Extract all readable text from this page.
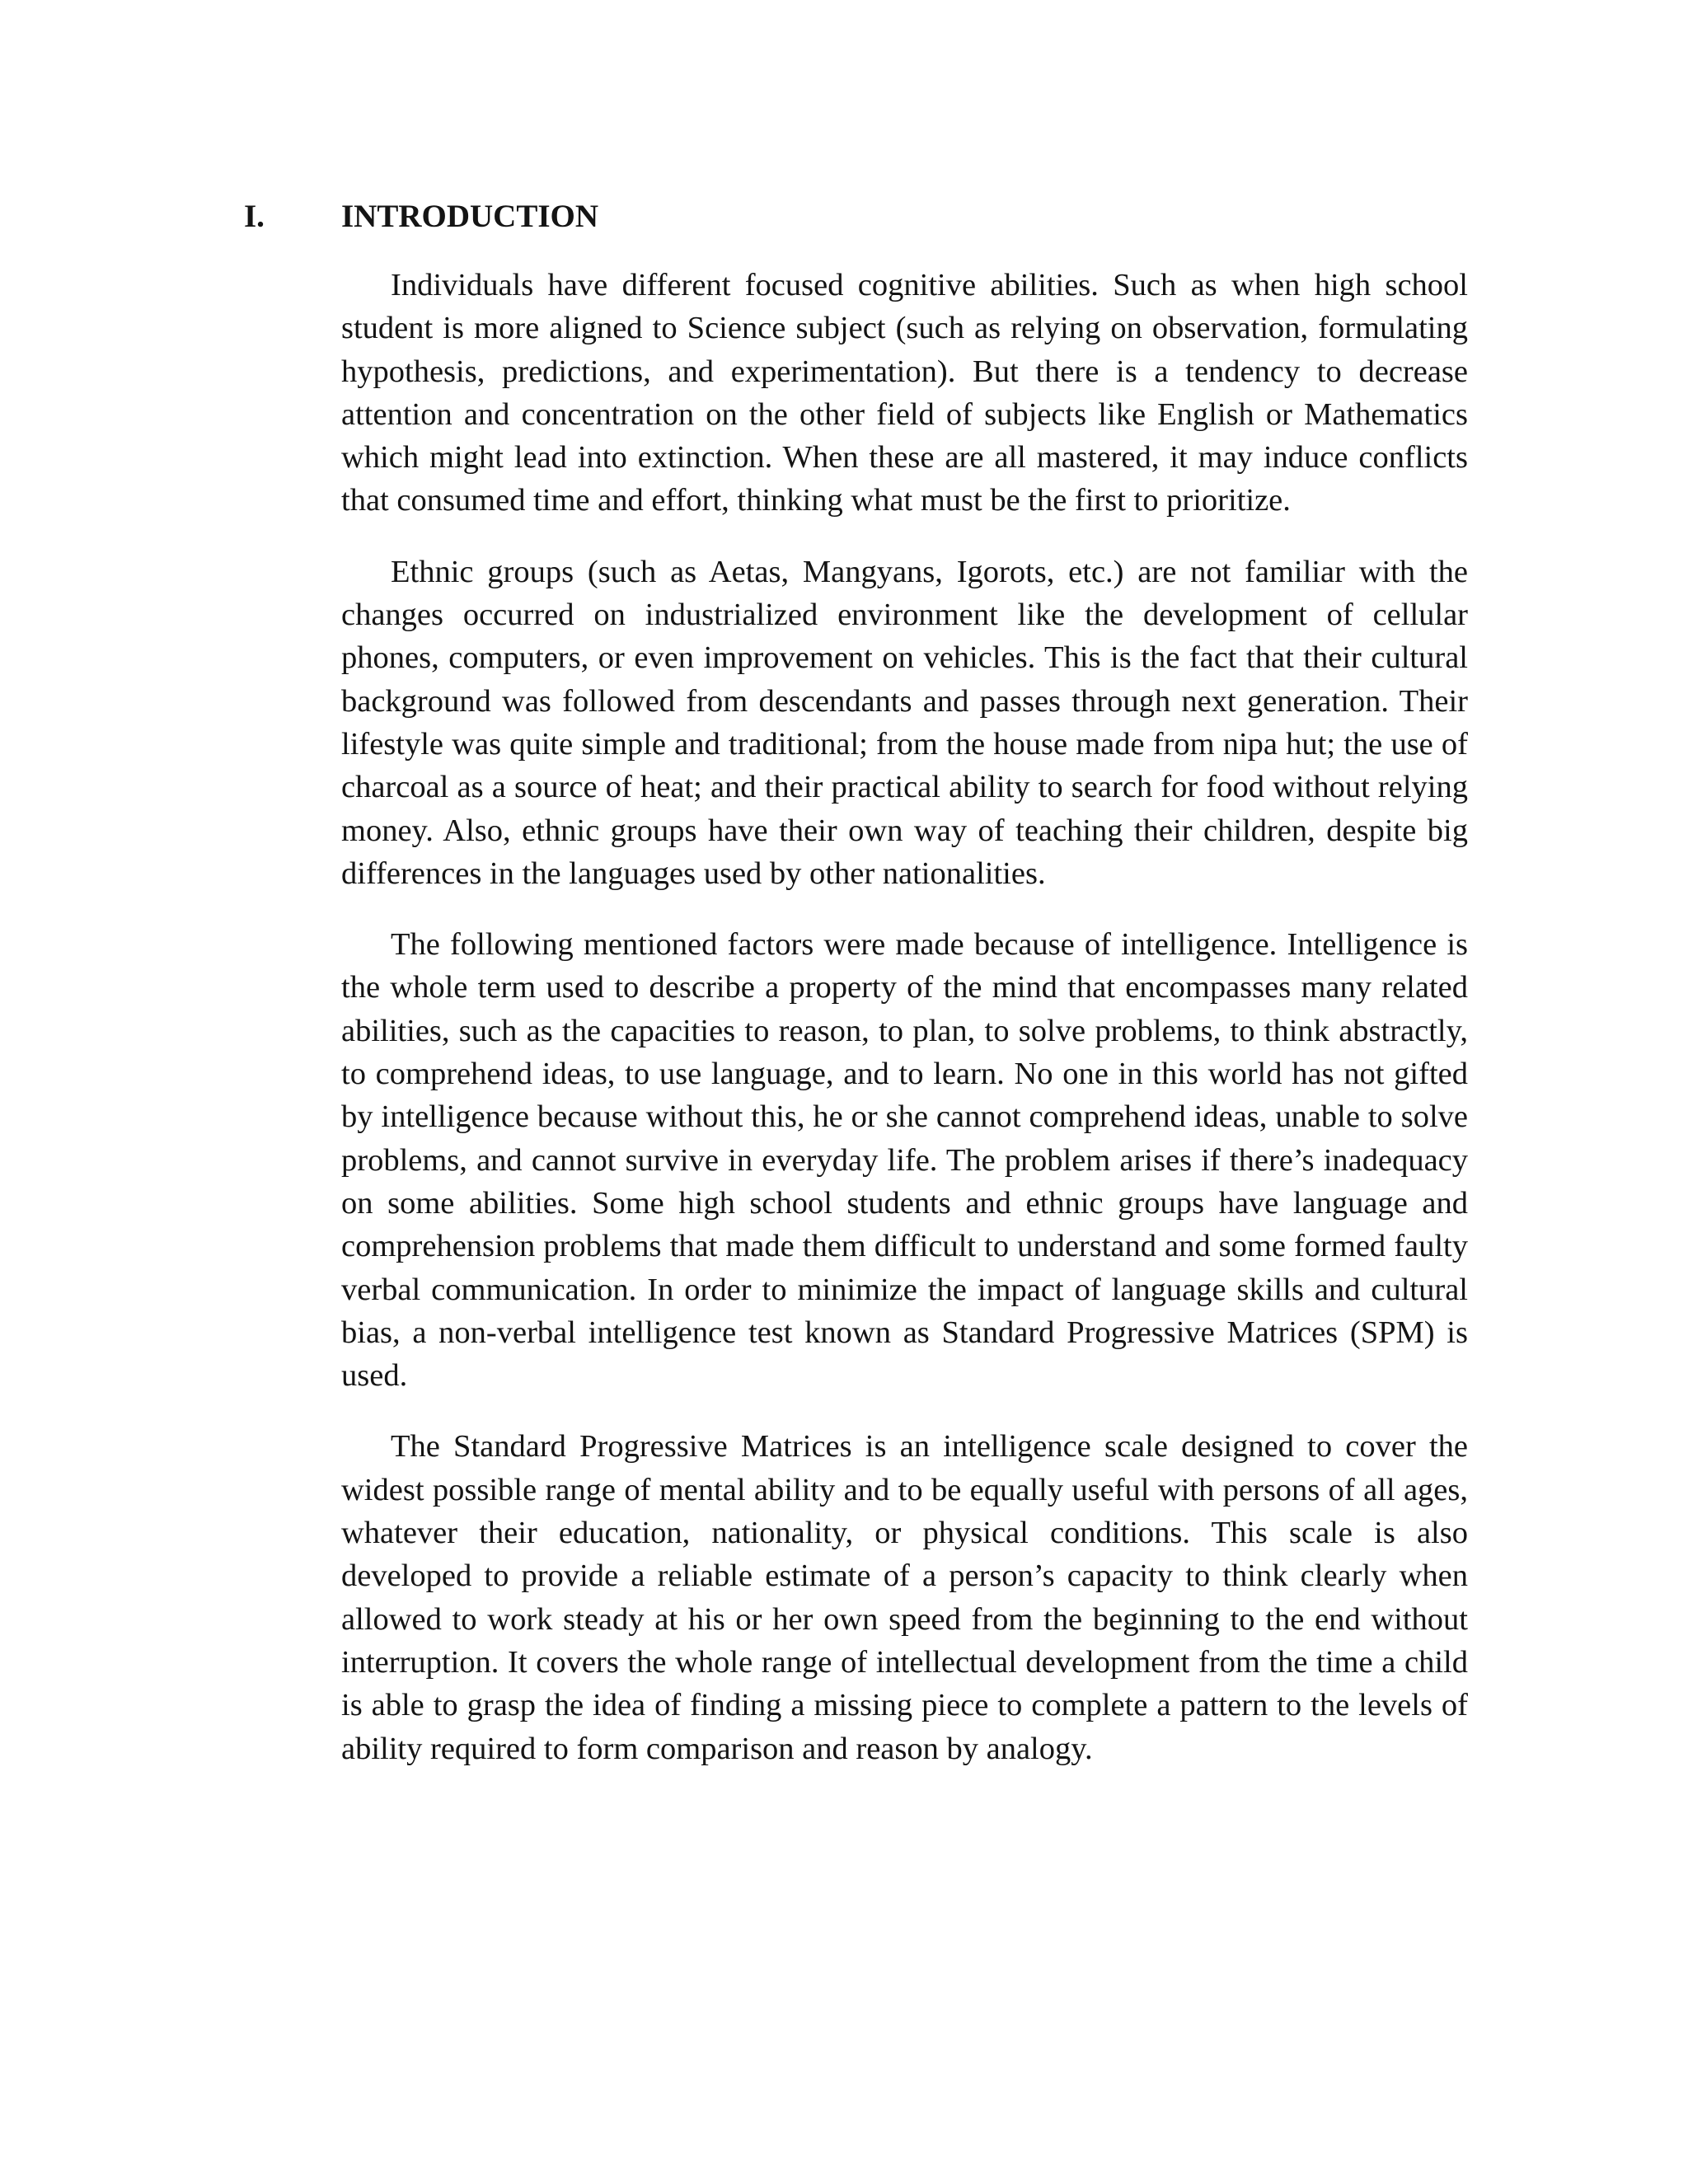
I.	INTRODUCTION

Individuals have different focused cognitive abilities. Such as when high school student is more aligned to Science subject (such as relying on observation, formulating hypothesis, predictions, and experimentation). But there is a tendency to decrease attention and concentration on the other field of subjects like English or Mathematics which might lead into extinction. When these are all mastered, it may induce conflicts that consumed time and effort, thinking what must be the first to prioritize.

Ethnic groups (such as Aetas, Mangyans, Igorots, etc.) are not familiar with the changes occurred on industrialized environment like the development of cellular phones, computers, or even improvement on vehicles. This is the fact that their cultural background was followed from descendants and passes through next generation. Their lifestyle was quite simple and traditional; from the house made from nipa hut; the use of charcoal as a source of heat; and their practical ability to search for food without relying money. Also, ethnic groups have their own way of teaching their children, despite big differences in the languages used by other nationalities.

The following mentioned factors were made because of intelligence. Intelligence is the whole term used to describe a property of the mind that encompasses many related abilities, such as the capacities to reason, to plan, to solve problems, to think abstractly, to comprehend ideas, to use language, and to learn. No one in this world has not gifted by intelligence because without this, he or she cannot comprehend ideas, unable to solve problems, and cannot survive in everyday life. The problem arises if there’s inadequacy on some abilities. Some high school students and ethnic groups have language and comprehension problems that made them difficult to understand and some formed faulty verbal communication. In order to minimize the impact of language skills and cultural bias, a non-verbal intelligence test known as Standard Progressive Matrices (SPM) is used.

The Standard Progressive Matrices is an intelligence scale designed to cover the widest possible range of mental ability and to be equally useful with persons of all ages, whatever their education, nationality, or physical conditions. This scale is also developed to provide a reliable estimate of a person’s capacity to think clearly when allowed to work steady at his or her own speed from the beginning to the end without interruption. It covers the whole range of intellectual development from the time a child is able to grasp the idea of finding a missing piece to complete a pattern to the levels of ability required to form comparison and reason by analogy.
